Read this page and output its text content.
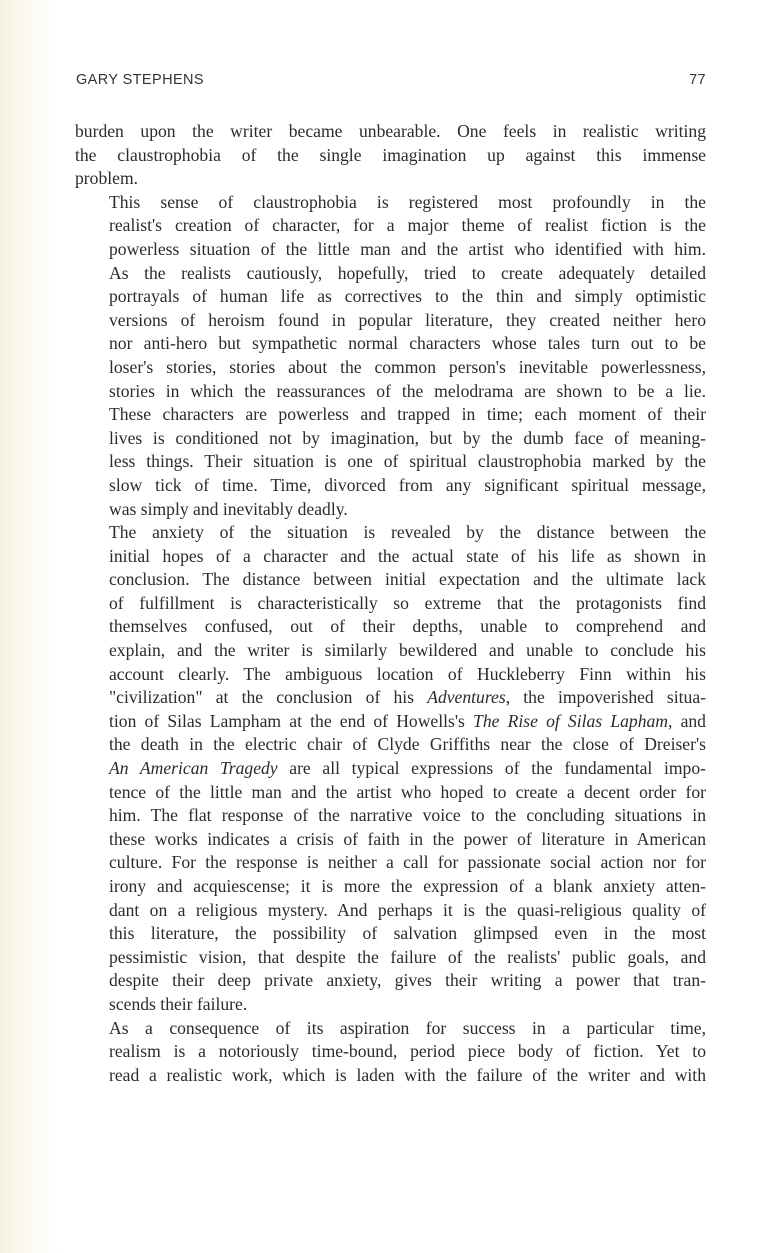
GARY STEPHENS	77

burden upon the writer became unbearable. One feels in realistic writing
the claustrophobia of the single imagination up against this immense
problem.

This sense of claustrophobia is registered most profoundly in the
realist's creation of character, for a major theme of realist fiction is the
powerless situation of the little man and the artist who identified with him.
As the realists cautiously, hopefully, tried to create adequately detailed
portrayals of human life as correctives to the thin and simply optimistic
versions of heroism found in popular literature, they created neither hero
nor anti-hero but sympathetic normal characters whose tales turn out to be
loser's stories, stories about the common person's inevitable powerlessness,
stories in which the reassurances of the melodrama are shown to be a lie.
These characters are powerless and trapped in time; each moment of their
lives is conditioned not by imagination, but by the dumb face of meaning-
less things. Their situation is one of spiritual claustrophobia marked by the
slow tick of time. Time, divorced from any significant spiritual message,
was simply and inevitably deadly.

The anxiety of the situation is revealed by the distance between the
initial hopes of a character and the actual state of his life as shown in
conclusion. The distance between initial expectation and the ultimate lack
of fulfillment is characteristically so extreme that the protagonists find
themselves confused, out of their depths, unable to comprehend and
explain, and the writer is similarly bewildered and unable to conclude his
account clearly. The ambiguous location of Huckleberry Finn within his
"civilization" at the conclusion of his Adventures, the impoverished situa-
tion of Silas Lampham at the end of Howells's The Rise of Silas Lapham, and
the death in the electric chair of Clyde Griffiths near the close of Dreiser's
An American Tragedy are all typical expressions of the fundamental impo-
tence of the little man and the artist who hoped to create a decent order for
him. The flat response of the narrative voice to the concluding situations in
these works indicates a crisis of faith in the power of literature in American
culture. For the response is neither a call for passionate social action nor for
irony and acquiescense; it is more the expression of a blank anxiety atten-
dant on a religious mystery. And perhaps it is the quasi-religious quality of
this literature, the possibility of salvation glimpsed even in the most
pessimistic vision, that despite the failure of the realists' public goals, and
despite their deep private anxiety, gives their writing a power that tran-
scends their failure.

As a consequence of its aspiration for success in a particular time,
realism is a notoriously time-bound, period piece body of fiction. Yet to
read a realistic work, which is laden with the failure of the writer and with
